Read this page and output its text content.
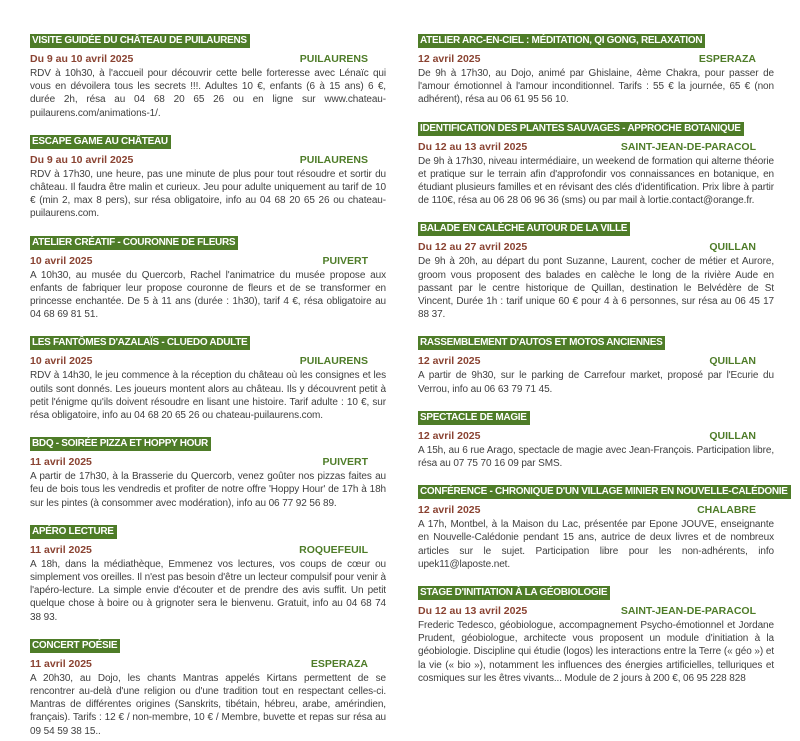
VISITE GUIDÉE DU CHÂTEAU DE PUILAURENS
Du 9 au 10 avril 2025	PUILAURENS

RDV à 10h30, à l'accueil pour découvrir cette belle forteresse avec Lénaïc qui vous en dévoilera tous les secrets !!!. Adultes 10 €, enfants (6 à 15 ans) 6 €, durée 2h, résa au 04 68 20 65 26 ou en ligne sur www.chateau-puilaurens.com/animations-1/.

ESCAPE GAME AU CHÂTEAU
Du 9 au 10 avril 2025	PUILAURENS

RDV à 17h30, une heure, pas une minute de plus pour tout résoudre et sortir du château. Il faudra être malin et curieux. Jeu pour adulte uniquement au tarif de 10 € (min 2, max 8 pers), sur résa obligatoire, info au 04 68 20 65 26 ou chateau-puilaurens.com.

ATELIER CRÉATIF - COURONNE DE FLEURS
10 avril 2025	PUIVERT

A 10h30, au musée du Quercorb, Rachel l'animatrice du musée propose aux enfants de fabriquer leur propose couronne de fleurs et de se transformer en princesse enchantée. De 5 à 11 ans (durée : 1h30), tarif 4 €, résa obligatoire au 04 68 69 81 51.

LES FANTÔMES D'AZALAÏS - CLUEDO ADULTE
10 avril 2025	PUILAURENS

RDV à 14h30, le jeu commence à la réception du château où les consignes et les outils sont donnés. Les joueurs montent alors au château. Ils y découvrent petit à petit l'énigme qu'ils doivent résoudre en lisant une histoire. Tarif adulte : 10 €, sur résa obligatoire, info au 04 68 20 65 26 ou chateau-puilaurens.com.

BDQ - SOIRÉE PIZZA ET HOPPY HOUR
11 avril 2025	PUIVERT

A partir de 17h30, à la Brasserie du Quercorb, venez goûter nos pizzas faites au feu de bois tous les vendredis et profiter de notre offre 'Hoppy Hour' de 17h à 18h sur les pintes (à consommer avec modération), info au 06 77 92 56 89.

APÉRO LECTURE
11 avril 2025	ROQUEFEUIL

A 18h, dans la médiathèque, Emmenez vos lectures, vos coups de cœur ou simplement vos oreilles. Il n'est pas besoin d'être un lecteur compulsif pour venir à l'apéro-lecture. La simple envie d'écouter et de prendre des avis suffit. Un petit quelque chose à boire ou à grignoter sera le bienvenu. Gratuit, info au 04 68 74 38 93.

CONCERT POÉSIE
11 avril 2025	ESPERAZA

A 20h30, au Dojo, les chants Mantras appelés Kirtans permettent de se rencontrer au-delà d'une religion ou d'une tradition tout en respectant celles-ci. Mantras de différentes origines (Sanskrits, tibétain, hébreu, arabe, amérindien, français). Tarifs : 12 € / non-membre, 10 € / Membre, buvette et repas sur résa au 09 54 59 38 15..

ATELIER ARC-EN-CIEL : MÉDITATION, QI GONG, RELAXATION
12 avril 2025	ESPERAZA

De 9h à 17h30, au Dojo, animé par Ghislaine, 4ème Chakra, pour passer de l'amour émotionnel à l'amour inconditionnel. Tarifs : 55 € la journée, 65 € (non adhérent), résa au 06 61 95 56 10.

IDENTIFICATION DES PLANTES SAUVAGES - APPROCHE BOTANIQUE
Du 12 au 13 avril 2025	SAINT-JEAN-DE-PARACOL

De 9h à 17h30, niveau intermédiaire, un weekend de formation qui alterne théorie et pratique sur le terrain afin d'approfondir vos connaissances en botanique, en étudiant plusieurs familles et en révisant des clés d'identification. Prix libre à partir de 110€, résa au 06 28 06 96 36 (sms) ou par mail à lortie.contact@orange.fr.

BALADE EN CALÈCHE AUTOUR DE LA VILLE
Du 12 au 27 avril 2025	QUILLAN

De 9h à 20h, au départ du pont Suzanne, Laurent, cocher de métier et Aurore, groom vous proposent des balades en calèche le long de la rivière Aude en passant par le centre historique de Quillan, destination le Belvédère de St Vincent, Durée 1h : tarif unique 60 € pour 4 à 6 personnes, sur résa au 06 45 17 88 37.

RASSEMBLEMENT D'AUTOS ET MOTOS ANCIENNES
12 avril 2025	QUILLAN

A partir de 9h30, sur le parking de Carrefour market, proposé par l'Ecurie du Verrou, info au 06 63 79 71 45.

SPECTACLE DE MAGIE
12 avril 2025	QUILLAN

A 15h, au 6 rue Arago, spectacle de magie avec Jean-François. Participation libre, résa au 07 75 70 16 09 par SMS.

CONFÉRENCE - CHRONIQUE D'UN VILLAGE MINIER EN NOUVELLE-CALÉDONIE
12 avril 2025	CHALABRE

A 17h, Montbel, à la Maison du Lac, présentée par Epone JOUVE, enseignante en Nouvelle-Calédonie pendant 15 ans, autrice de deux livres et de nombreux articles sur le sujet. Participation libre pour les non-adhérents, info upek11@laposte.net.

STAGE D'INITIATION À LA GÉOBIOLOGIE
Du 12 au 13 avril 2025	SAINT-JEAN-DE-PARACOL

Frederic Tedesco, géobiologue, accompagnement Psycho-émotionnel et Jordane Prudent, géobiologue, architecte vous proposent un module d'initiation à la géobiologie. Discipline qui étudie (logos) les interactions entre la Terre (« géo ») et la vie (« bio »), notamment les influences des énergies artificielles, telluriques et cosmiques sur les êtres vivants... Module de 2 jours à 200 €, 06 95 228 828
